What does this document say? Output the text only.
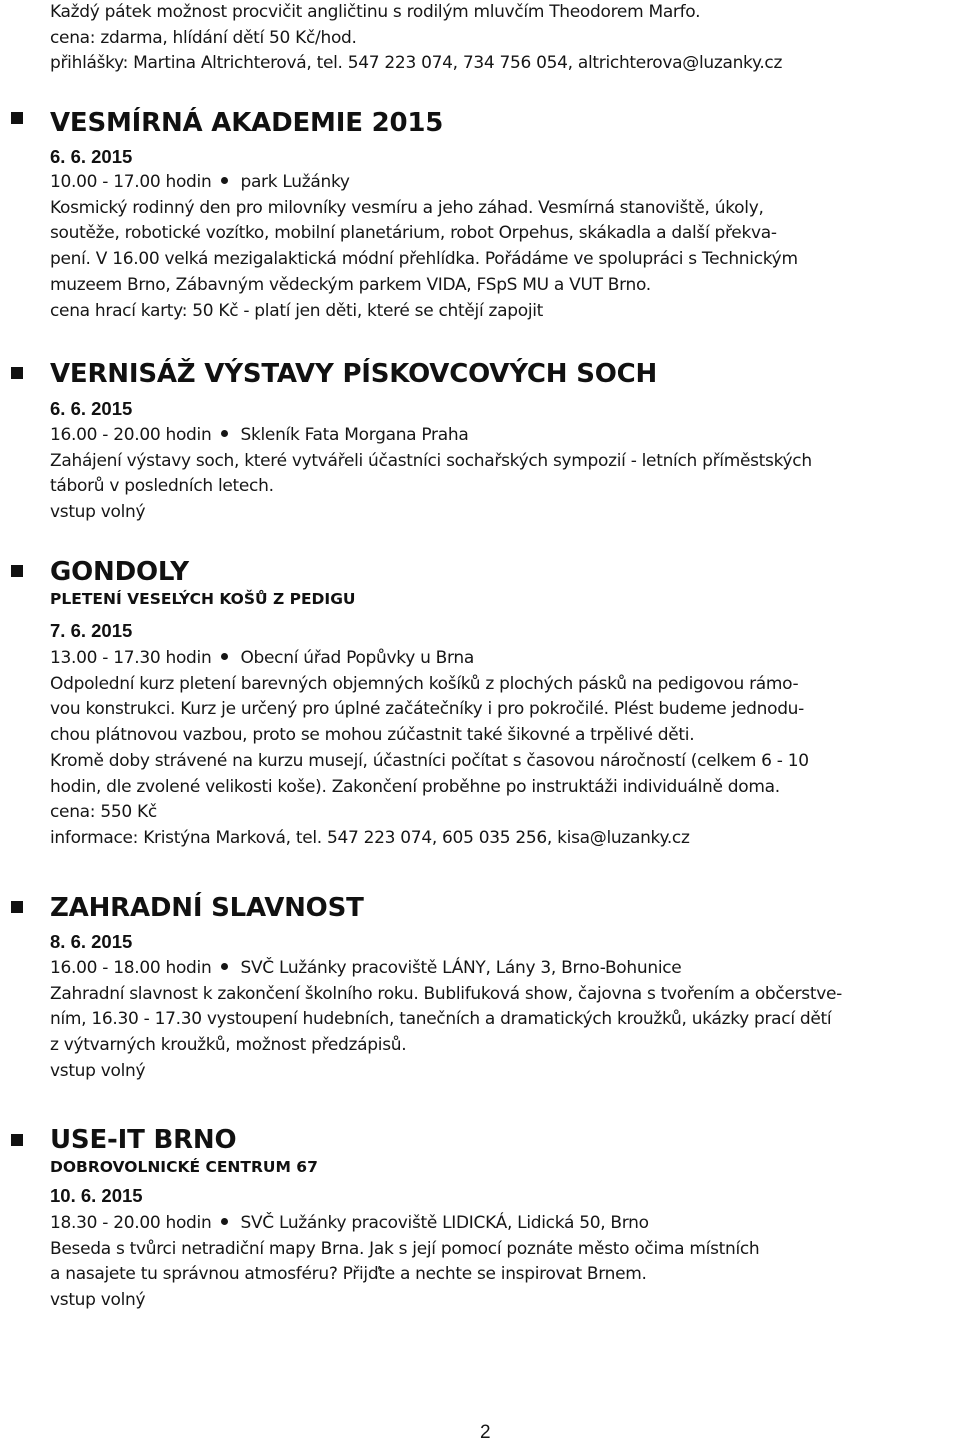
Každý pátek možnost procvičit angličtinu s rodilým mluvčím Theodorem Marfo.
cena: zdarma, hlídání dětí 50 Kč/hod.
přihlášky: Martina Altrichterová, tel. 547 223 074, 734 756 054, altrichterova@luzanky.cz
VESMÍRNÁ AKADEMIE 2015
6. 6. 2015
10.00 - 17.00 hodin park Lužánky
Kosmický rodinný den pro milovníky vesmíru a jeho záhad. Vesmírná stanoviště, úkoly,
soutěže, robotické vozítko, mobilní planetárium, robot Orpehus, skákadla a další překva-
pení. V 16.00 velká mezigalaktická módní přehlídka. Pořádáme ve spolupráci s Technickým
muzeem Brno, Zábavným vědeckým parkem VIDA, FSpS MU a VUT Brno.
cena hrací karty: 50 Kč - platí jen děti, které se chtějí zapojit
VERNISÁŽ VÝSTAVY PÍSKOVCOVÝCH SOCH
6. 6. 2015
16.00 - 20.00 hodin Skleník Fata Morgana Praha
Zahájení výstavy soch, které vytvářeli účastníci sochařských sympozií - letních příměstských
táborů v posledních letech.
vstup volný
GONDOLY
PLETENÍ VESELÝCH KOŠŮ Z PEDIGU
7. 6. 2015
13.00 - 17.30 hodin Obecní úřad Popůvky u Brna
Odpolední kurz pletení barevných objemných košíků z plochých pásků na pedigovou rámo-
vou konstrukci. Kurz je určený pro úplné začátečníky i pro pokročilé. Plést budeme jednodu-
chou plátnovou vazbou, proto se mohou zúčastnit také šikovné a trpělivé děti.
Kromě doby strávené na kurzu musejí, účastníci počítat s časovou náročností (celkem 6 - 10
hodin, dle zvolené velikosti koše). Zakončení proběhne po instruktáži individuálně doma.
cena: 550 Kč
informace: Kristýna Marková, tel. 547 223 074, 605 035 256, kisa@luzanky.cz
ZAHRADNÍ SLAVNOST
8. 6. 2015
16.00 - 18.00 hodin SVČ Lužánky pracoviště LÁNY, Lány 3, Brno-Bohunice
Zahradní slavnost k zakončení školního roku. Bublifuková show, čajovna s tvořením a občerstve-
ním, 16.30 - 17.30 vystoupení hudebních, tanečních a dramatických kroužků, ukázky prací dětí
z výtvarných kroužků, možnost předzápisů.
vstup volný
USE-IT BRNO
DOBROVOLNICKÉ CENTRUM 67
10. 6. 2015
18.30 - 20.00 hodin SVČ Lužánky pracoviště LIDICKÁ, Lidická 50, Brno
Beseda s tvůrci netradiční mapy Brna. Jak s její pomocí poznáte město očima místních
a nasajete tu správnou atmosféru? Přijďte a nechte se inspirovat Brnem.
vstup volný
2
